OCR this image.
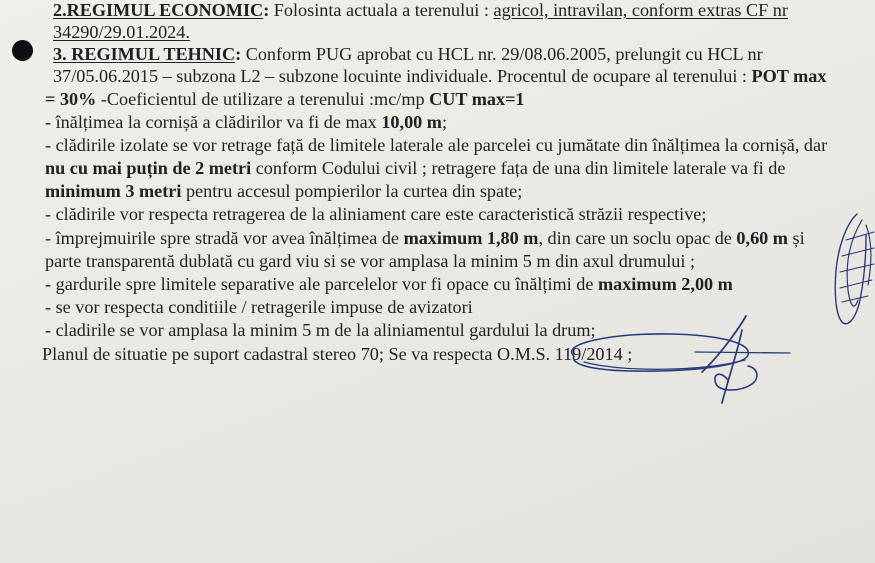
2.REGIMUL ECONOMIC: Folosinta actuala a terenului : agricol, intravilan, conform extras CF nr
34290/29.01.2024.
3. REGIMUL TEHNIC: Conform PUG aprobat cu HCL nr. 29/08.06.2005, prelungit cu HCL nr
37/05.06.2015 – subzona L2 – subzone locuinte individuale. Procentul de ocupare al terenului : POT max
= 30% -Coeficientul de utilizare a terenului :mc/mp CUT max=1
- înălțimea la cornișă a clădirilor va fi de max 10,00 m;
- clădirile izolate se vor retrage față de limitele laterale ale parcelei cu jumătate din înălțimea la cornișă, dar
nu cu mai puțin de 2 metri conform Codului civil ; retragere fața de una din limitele laterale va fi de
minimum 3 metri pentru accesul pompierilor la curtea din spate;
- clădirile vor respecta retragerea de la aliniament care este caracteristică străzii respective;
- împrejmuirile spre stradă vor avea înălțimea de maximum 1,80 m, din care un soclu opac de 0,60 m și
parte transparentă dublată cu gard viu si se vor amplasa la minim 5 m din axul drumului ;
- gardurile spre limitele separative ale parcelelor vor fi opace cu înălțimi de maximum 2,00 m
- se vor respecta conditiile / retragerile impuse de avizatori
- cladirile se vor amplasa la minim 5 m de la aliniamentul gardului la drum;
Planul de situatie pe suport cadastral stereo 70; Se va respecta O.M.S. 119/2014 ;
